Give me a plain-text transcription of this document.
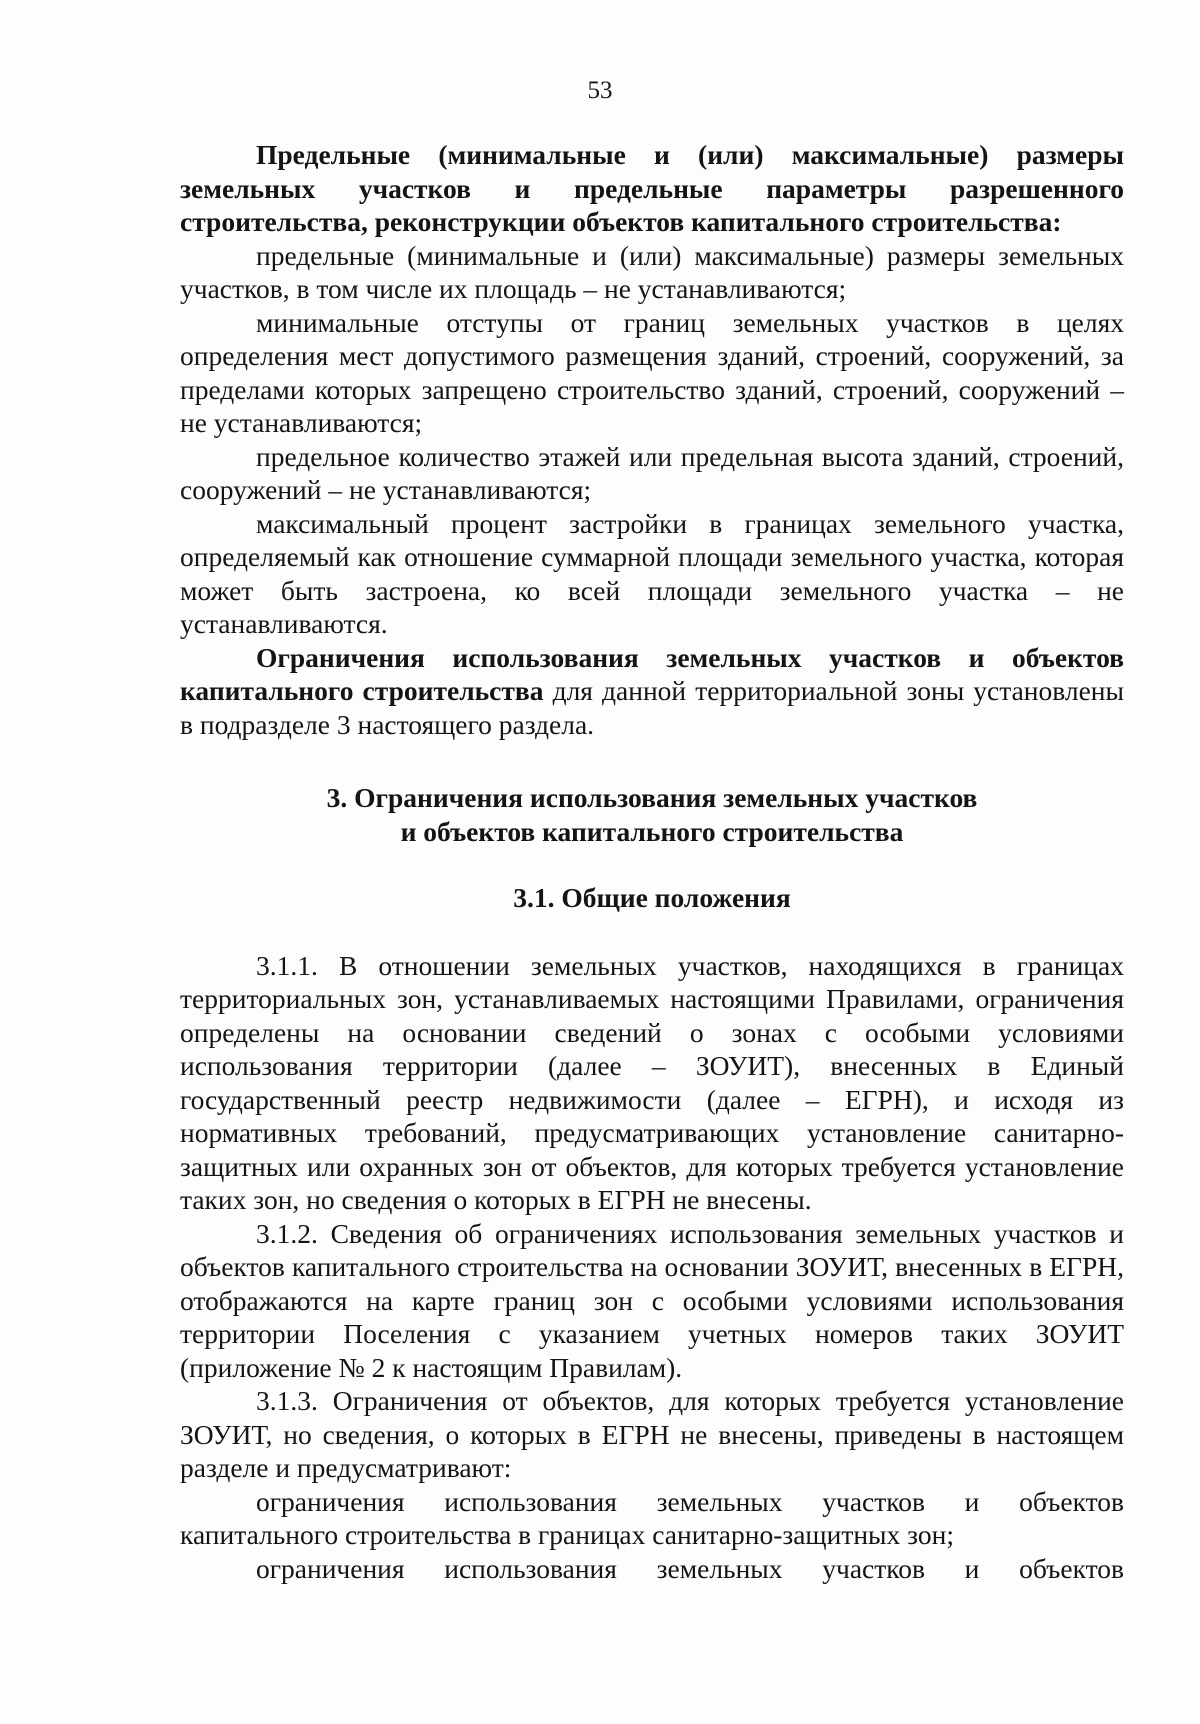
53

Предельные (минимальные и (или) максимальные) размеры земельных участков и предельные параметры разрешенного строительства, реконструкции объектов капитального строительства:

предельные (минимальные и (или) максимальные) размеры земельных участков, в том числе их площадь – не устанавливаются;

минимальные отступы от границ земельных участков в целях определения мест допустимого размещения зданий, строений, сооружений, за пределами которых запрещено строительство зданий, строений, сооружений – не устанавливаются;

предельное количество этажей или предельная высота зданий, строений, сооружений – не устанавливаются;

максимальный процент застройки в границах земельного участка, определяемый как отношение суммарной площади земельного участка, которая может быть застроена, ко всей площади земельного участка – не устанавливаются.

Ограничения использования земельных участков и объектов капитального строительства для данной территориальной зоны установлены в подразделе 3 настоящего раздела.

3. Ограничения использования земельных участков
и объектов капитального строительства
3.1. Общие положения

3.1.1. В отношении земельных участков, находящихся в границах территориальных зон, устанавливаемых настоящими Правилами, ограничения определены на основании сведений о зонах с особыми условиями использования территории (далее – ЗОУИТ), внесенных в Единый государственный реестр недвижимости (далее – ЕГРН), и исходя из нормативных требований, предусматривающих установление санитарно-защитных или охранных зон от объектов, для которых требуется установление таких зон, но сведения о которых в ЕГРН не внесены.

3.1.2. Сведения об ограничениях использования земельных участков и объектов капитального строительства на основании ЗОУИТ, внесенных в ЕГРН, отображаются на карте границ зон с особыми условиями использования территории Поселения с указанием учетных номеров таких ЗОУИТ (приложение № 2 к настоящим Правилам).

3.1.3. Ограничения от объектов, для которых требуется установление ЗОУИТ, но сведения, о которых в ЕГРН не внесены, приведены в настоящем разделе и предусматривают:

ограничения использования земельных участков и объектов капитального строительства в границах санитарно-защитных зон;

ограничения использования земельных участков и объектов
